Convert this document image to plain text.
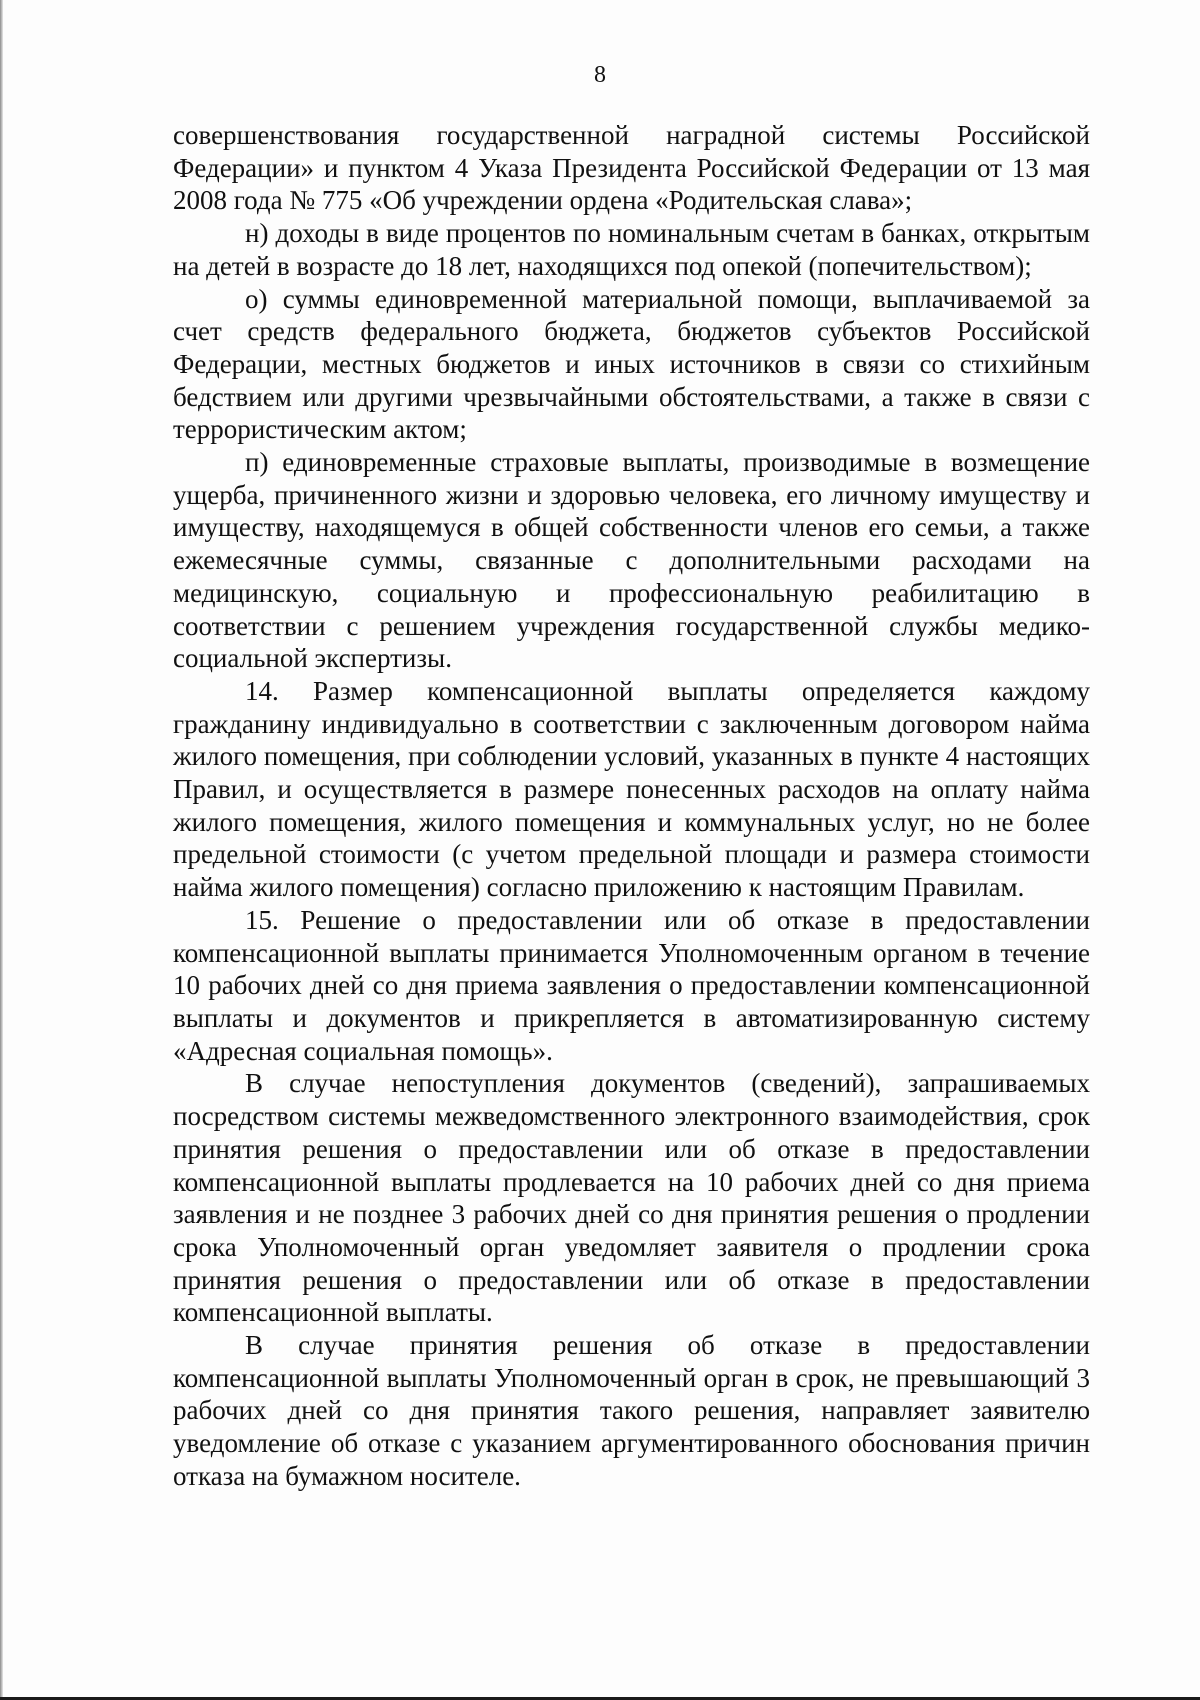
8

совершенствования государственной наградной системы Российской Федерации» и пунктом 4 Указа Президента Российской Федерации от 13 мая 2008 года № 775 «Об учреждении ордена «Родительская слава»;

н) доходы в виде процентов по номинальным счетам в банках, открытым на детей в возрасте до 18 лет, находящихся под опекой (попечительством);

о) суммы единовременной материальной помощи, выплачиваемой за счет средств федерального бюджета, бюджетов субъектов Российской Федерации, местных бюджетов и иных источников в связи со стихийным бедствием или другими чрезвычайными обстоятельствами, а также в связи с террористическим актом;

п) единовременные страховые выплаты, производимые в возмещение ущерба, причиненного жизни и здоровью человека, его личному имуществу и имуществу, находящемуся в общей собственности членов его семьи, а также ежемесячные суммы, связанные с дополнительными расходами на медицинскую, социальную и профессиональную реабилитацию в соответствии с решением учреждения государственной службы медико-социальной экспертизы.

14. Размер компенсационной выплаты определяется каждому гражданину индивидуально в соответствии с заключенным договором найма жилого помещения, при соблюдении условий, указанных в пункте 4 настоящих Правил, и осуществляется в размере понесенных расходов на оплату найма жилого помещения, жилого помещения и коммунальных услуг, но не более предельной стоимости (с учетом предельной площади и размера стоимости найма жилого помещения) согласно приложению к настоящим Правилам.

15. Решение о предоставлении или об отказе в предоставлении компенсационной выплаты принимается Уполномоченным органом в течение 10 рабочих дней со дня приема заявления о предоставлении компенсационной выплаты и документов и прикрепляется в автоматизированную систему «Адресная социальная помощь».

В случае непоступления документов (сведений), запрашиваемых посредством системы межведомственного электронного взаимодействия, срок принятия решения о предоставлении или об отказе в предоставлении компенсационной выплаты продлевается на 10 рабочих дней со дня приема заявления и не позднее 3 рабочих дней со дня принятия решения о продлении срока Уполномоченный орган уведомляет заявителя о продлении срока принятия решения о предоставлении или об отказе в предоставлении компенсационной выплаты.

В случае принятия решения об отказе в предоставлении компенсационной выплаты Уполномоченный орган в срок, не превышающий 3 рабочих дней со дня принятия такого решения, направляет заявителю уведомление об отказе с указанием аргументированного обоснования причин отказа на бумажном носителе.
